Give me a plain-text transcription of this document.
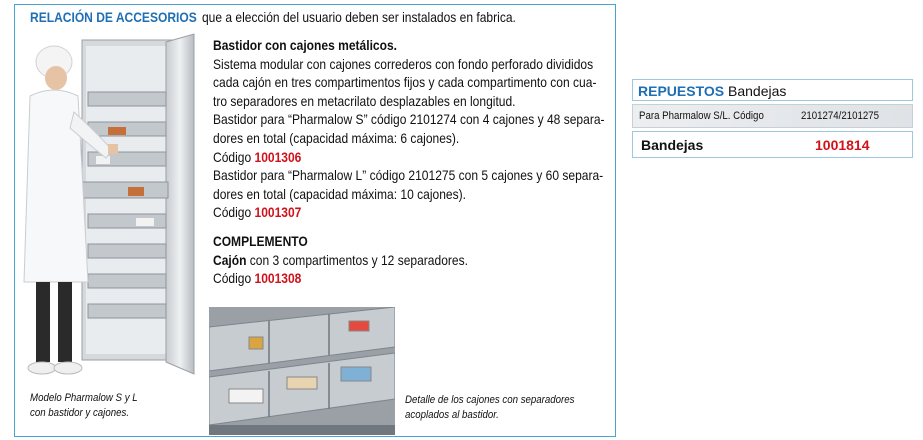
RELACIÓN DE ACCESORIOS que a elección del usuario deben ser instalados en fabrica.
Modelo Pharmalow S y L
con bastidor y cajones.

Bastidor con cajones metálicos.

Sistema modular con cajones correderos con fondo perforado divididos

cada cajón en tres compartimentos fijos y cada compartimento con cua-

tro separadores en metacrilato desplazables en longitud.

Bastidor para “Pharmalow S” código 2101274 con 4 cajones y 48 separa-

dores en total (capacidad máxima: 6 cajones).

Código 1001306

Bastidor para “Pharmalow L” código 2101275 con 5 cajones y 60 separa-

dores en total (capacidad máxima: 10 cajones).

Código 1001307

COMPLEMENTO

Cajón con 3 compartimentos y 12 separadores.

Código 1001308

Detalle de los cajones con separadores
acoplados al bastidor.
REPUESTOS Bandejas
Para Pharmalow S/L. Código	2101274/2101275
Bandejas	1001814
